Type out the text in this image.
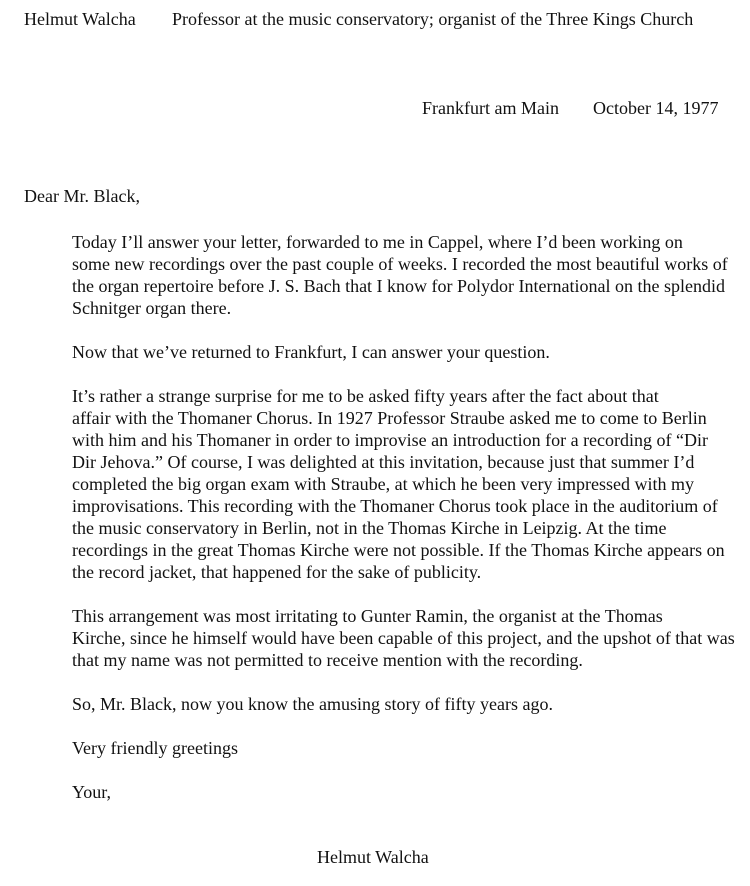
Helmut Walcha Professor at the music conservatory; organist of the Three Kings Church
Frankfurt am Main October 14, 1977
Dear Mr. Black,
Today I’ll answer your letter, forwarded to me in Cappel, where I’d been working on
some new recordings over the past couple of weeks. I recorded the most beautiful works of
the organ repertoire before J. S. Bach that I know for Polydor International on the splendid
Schnitger organ there.
Now that we’ve returned to Frankfurt, I can answer your question.
It’s rather a strange surprise for me to be asked fifty years after the fact about that
affair with the Thomaner Chorus. In 1927 Professor Straube asked me to come to Berlin
with him and his Thomaner in order to improvise an introduction for a recording of “Dir
Dir Jehova.” Of course, I was delighted at this invitation, because just that summer I’d
completed the big organ exam with Straube, at which he been very impressed with my
improvisations. This recording with the Thomaner Chorus took place in the auditorium of
the music conservatory in Berlin, not in the Thomas Kirche in Leipzig. At the time
recordings in the great Thomas Kirche were not possible. If the Thomas Kirche appears on
the record jacket, that happened for the sake of publicity.
This arrangement was most irritating to Gunter Ramin, the organist at the Thomas
Kirche, since he himself would have been capable of this project, and the upshot of that was
that my name was not permitted to receive mention with the recording.
So, Mr. Black, now you know the amusing story of fifty years ago.
Very friendly greetings
Your,
Helmut Walcha
